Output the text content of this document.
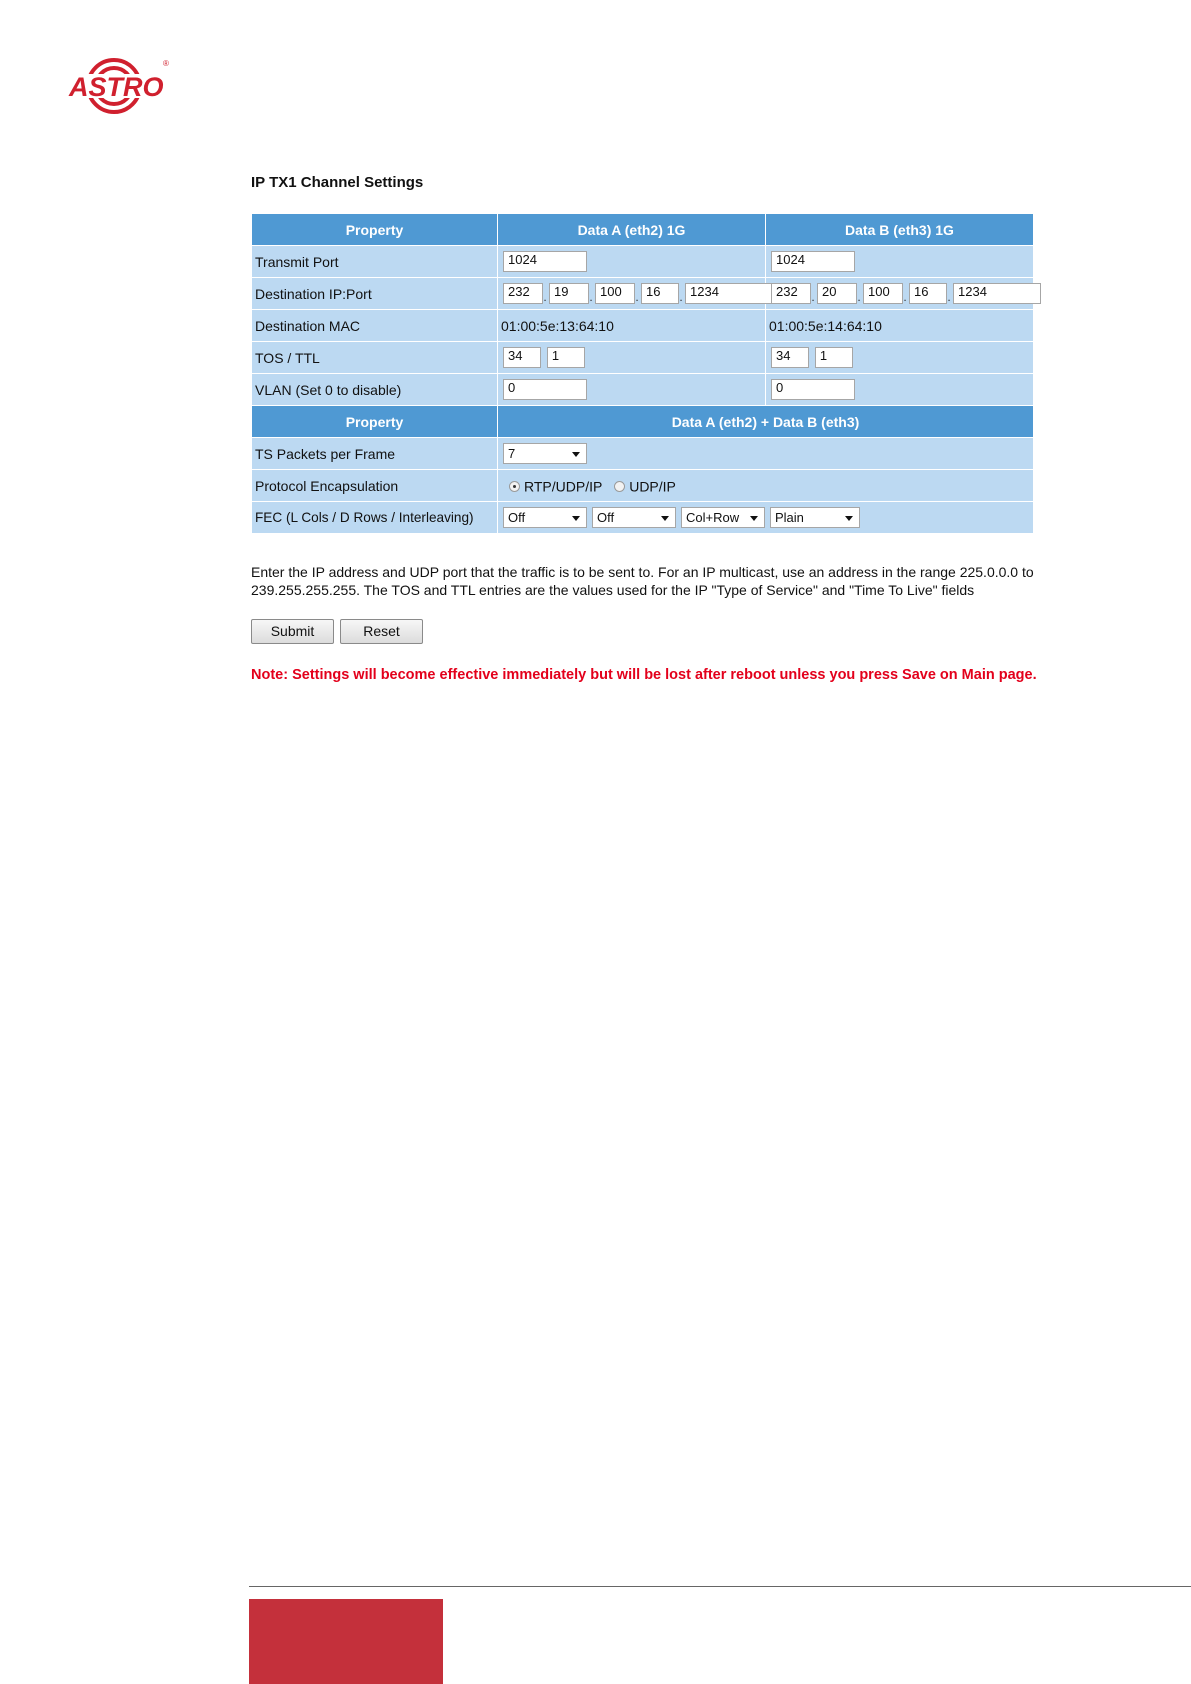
ASTRO
®
IP TX1 Channel Settings
Property	Data A (eth2) 1G	Data B (eth3) 1G
Transmit Port	1024	1024
Destination IP:Port	232 . 19 . 100 . 16 . 1234	232 . 20 . 100 . 16 . 1234
Destination MAC	01:00:5e:13:64:10	01:00:5e:14:64:10
TOS / TTL	34 1	34 1
VLAN (Set 0 to disable)	0	0
Property	Data A (eth2) + Data B (eth3)	
TS Packets per Frame	7	

Protocol Encapsulation	RTP/UDP/IP UDP/IP	
FEC (L Cols / D Rows / Interleaving)	Off Off Col+Row Plain	

Enter the IP address and UDP port that the traffic is to be sent to. For an IP multicast, use an address in the range 225.0.0.0 to 239.255.255.255. The TOS and TTL entries are the values used for the IP "Type of Service" and "Time To Live" fields

Submit	Reset

Note: Settings will become effective immediately but will be lost after reboot unless you press Save on Main page.
